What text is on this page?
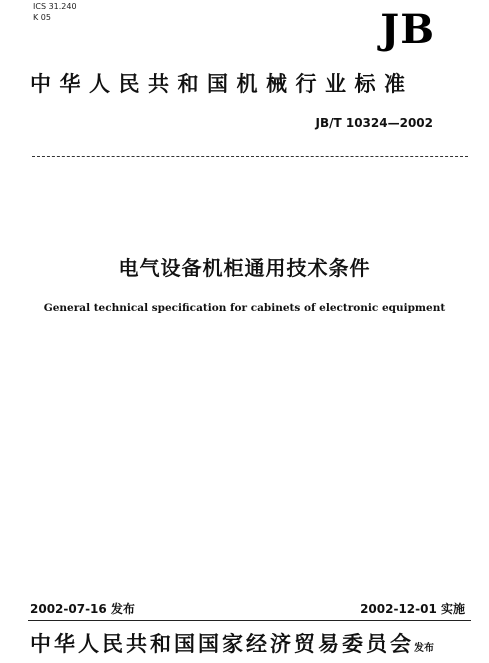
ICS 31.240
K 05	JB
中华人民共和国机械行业标准
JB/T 10324—2002
电气设备机柜通用技术条件
General technical specification for cabinets of electronic equipment
2002-07-16 发布	2002-12-01 实施
中华人民共和国国家经济贸易委员会发布
